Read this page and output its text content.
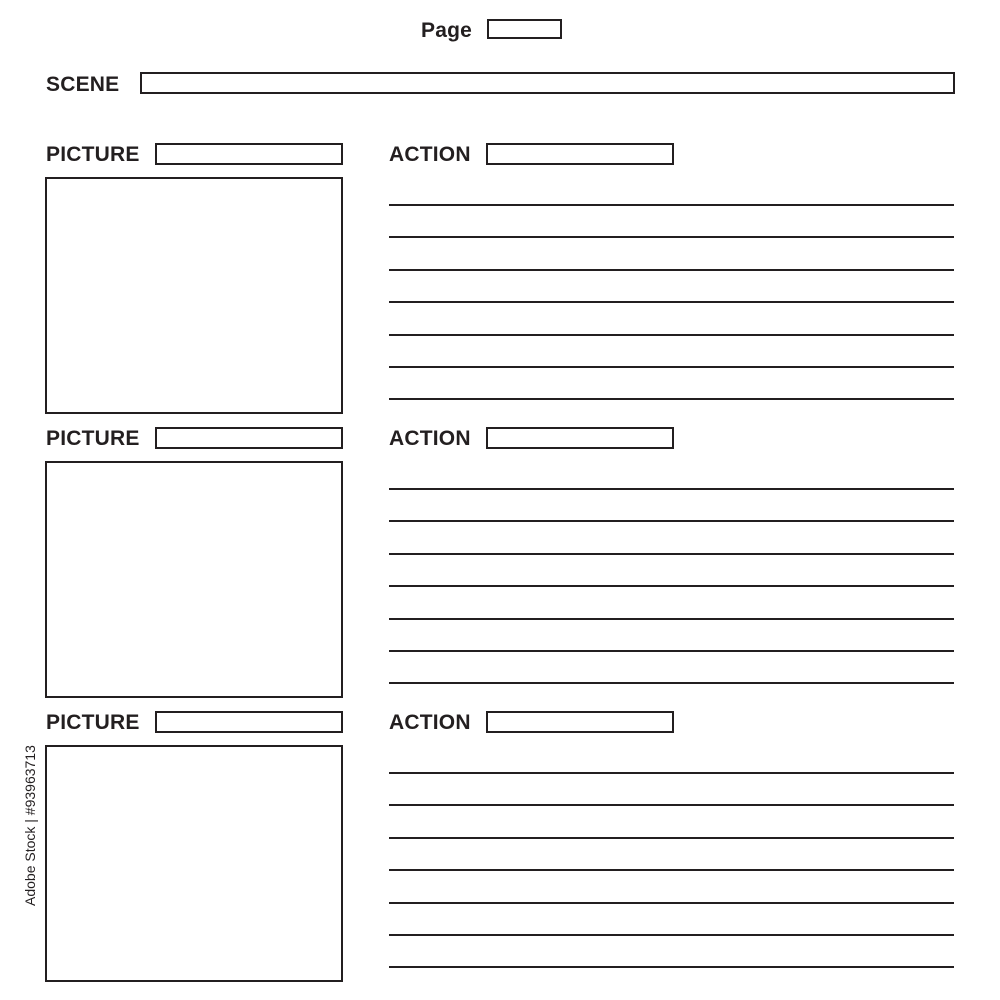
Page
SCENE
PICTURE	ACTION
PICTURE	ACTION
PICTURE	ACTION
Adobe Stock | #93963713
